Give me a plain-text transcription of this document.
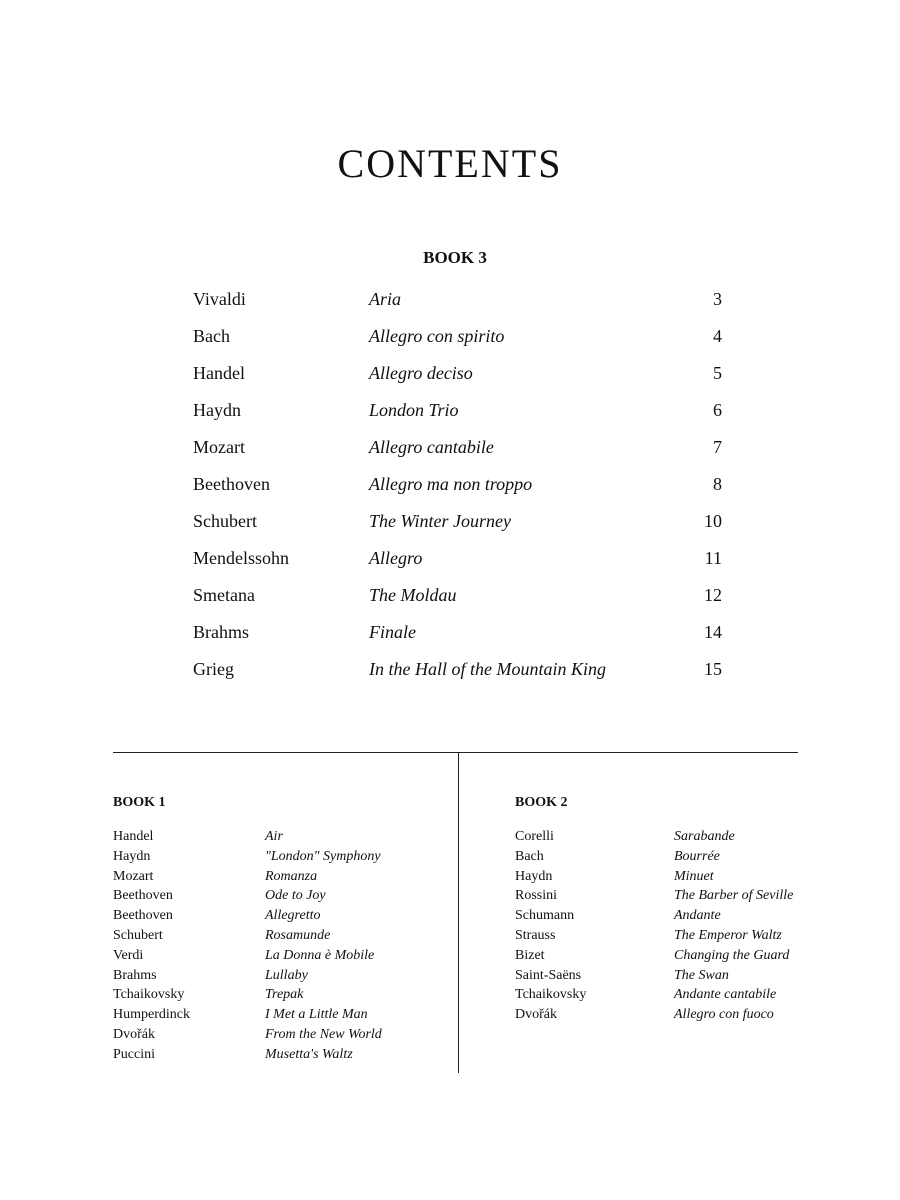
CONTENTS
BOOK 3
Vivaldi	Aria	3
Bach	Allegro con spirito	4
Handel	Allegro deciso	5
Haydn	London Trio	6
Mozart	Allegro cantabile	7
Beethoven	Allegro ma non troppo	8
Schubert	The Winter Journey	10
Mendelssohn	Allegro	11
Smetana	The Moldau	12
Brahms	Finale	14
Grieg	In the Hall of the Mountain King	15
BOOK 1	BOOK 2
Handel	Air
Haydn	"London" Symphony
Mozart	Romanza
Beethoven	Ode to Joy
Beethoven	Allegretto
Schubert	Rosamunde
Verdi	La Donna è Mobile
Brahms	Lullaby
Tchaikovsky	Trepak
Humperdinck	I Met a Little Man
Dvořák	From the New World
Puccini	Musetta's Waltz
Corelli	Sarabande
Bach	Bourrée
Haydn	Minuet
Rossini	The Barber of Seville
Schumann	Andante
Strauss	The Emperor Waltz
Bizet	Changing the Guard
Saint-Saëns	The Swan
Tchaikovsky	Andante cantabile
Dvořák	Allegro con fuoco
